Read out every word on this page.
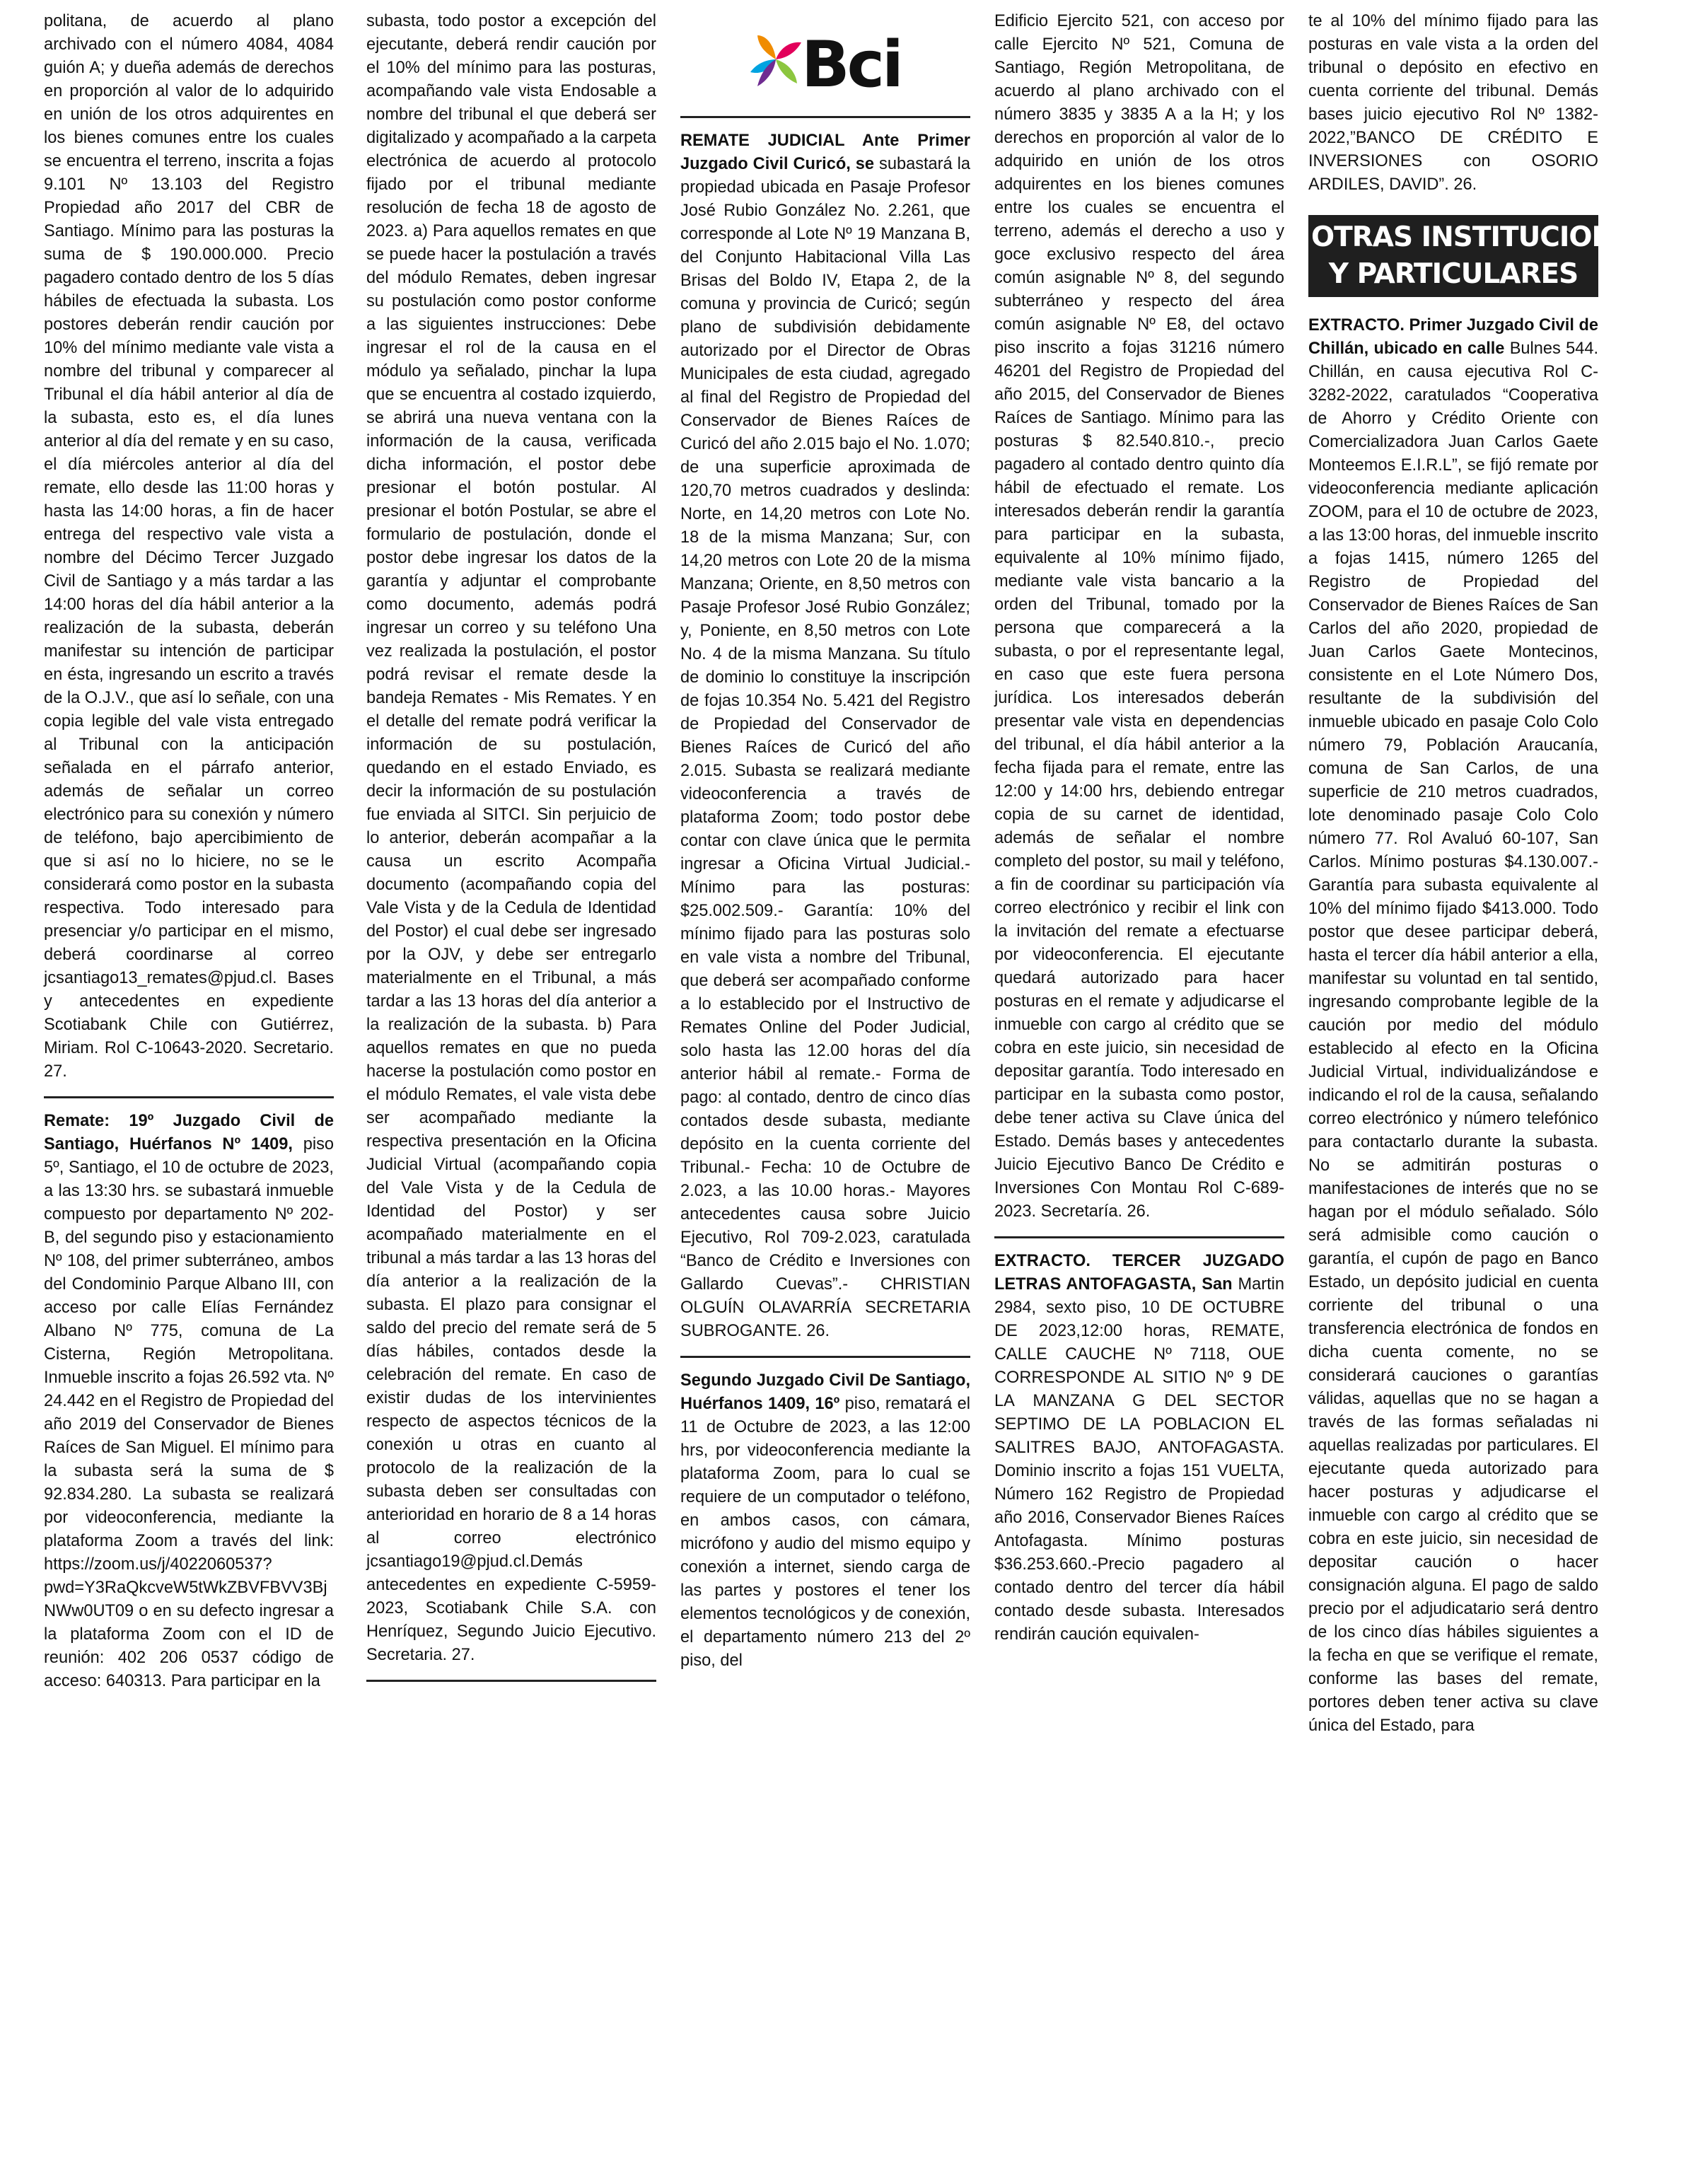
politana, de acuerdo al plano archivado con el número 4084, 4084 guión A; y dueña además de derechos en proporción al valor de lo adquirido en unión de los otros adquirentes en los bienes comunes entre los cuales se encuentra el terreno, inscrita a fojas 9.101 Nº 13.103 del Registro Propiedad año 2017 del CBR de Santiago. Mínimo para las posturas la suma de $ 190.000.000. Precio pagadero contado dentro de los 5 días hábiles de efectuada la subasta. Los postores deberán rendir caución por 10% del mínimo mediante vale vista a nombre del tribunal y comparecer al Tribunal el día hábil anterior al día de la subasta, esto es, el día lunes anterior al día del remate y en su caso, el día miércoles anterior al día del remate, ello desde las 11:00 horas y hasta las 14:00 horas, a fin de hacer entrega del respectivo vale vista a nombre del Décimo Tercer Juzgado Civil de Santiago y a más tardar a las 14:00 horas del día hábil anterior a la realización de la subasta, deberán manifestar su intención de participar en ésta, ingresando un escrito a través de la O.J.V., que así lo señale, con una copia legible del vale vista entregado al Tribunal con la anticipación señalada en el párrafo anterior, además de señalar un correo electrónico para su conexión y número de teléfono, bajo apercibimiento de que si así no lo hiciere, no se le considerará como postor en la subasta respectiva. Todo interesado para presenciar y/o participar en el mismo, deberá coordinarse al correo jcsantiago13_remates@pjud.cl. Bases y antecedentes en expediente Scotiabank Chile con Gutiérrez, Miriam. Rol C-10643-2020. Secretario. 27.

Remate: 19º Juzgado Civil de Santiago, Huérfanos Nº 1409, piso 5º, Santiago, el 10 de octubre de 2023, a las 13:30 hrs. se subastará inmueble compuesto por departamento Nº 202-B, del segundo piso y estacionamiento Nº 108, del primer subterráneo, ambos del Condominio Parque Albano III, con acceso por calle Elías Fernández Albano Nº 775, comuna de La Cisterna, Región Metropolitana. Inmueble inscrito a fojas 26.592 vta. Nº 24.442 en el Registro de Propiedad del año 2019 del Conservador de Bienes Raíces de San Miguel. El mínimo para la subasta será la suma de $ 92.834.280. La subasta se realizará por videoconferencia, mediante la plataforma Zoom a través del link: https://zoom.us/j/4022060537?pwd=Y3RaQkcveW5tWkZBVFBVV3BjNWw0UT09 o en su defecto ingresar a la plataforma Zoom con el ID de reunión: 402 206 0537 código de acceso: 640313. Para participar en la

subasta, todo postor a excepción del ejecutante, deberá rendir caución por el 10% del mínimo para las posturas, acompañando vale vista Endosable a nombre del tribunal el que deberá ser digitalizado y acompañado a la carpeta electrónica de acuerdo al protocolo fijado por el tribunal mediante resolución de fecha 18 de agosto de 2023. a) Para aquellos remates en que se puede hacer la postulación a través del módulo Remates, deben ingresar su postulación como postor conforme a las siguientes instrucciones: Debe ingresar el rol de la causa en el módulo ya señalado, pinchar la lupa que se encuentra al costado izquierdo, se abrirá una nueva ventana con la información de la causa, verificada dicha información, el postor debe presionar el botón postular. Al presionar el botón Postular, se abre el formulario de postulación, donde el postor debe ingresar los datos de la garantía y adjuntar el comprobante como documento, además podrá ingresar un correo y su teléfono Una vez realizada la postulación, el postor podrá revisar el remate desde la bandeja Remates - Mis Remates. Y en el detalle del remate podrá verificar la información de su postulación, quedando en el estado Enviado, es decir la información de su postulación fue enviada al SITCI. Sin perjuicio de lo anterior, deberán acompañar a la causa un escrito Acompaña documento (acompañando copia del Vale Vista y de la Cedula de Identidad del Postor) el cual debe ser ingresado por la OJV, y debe ser entregarlo materialmente en el Tribunal, a más tardar a las 13 horas del día anterior a la realización de la subasta. b) Para aquellos remates en que no pueda hacerse la postulación como postor en el módulo Remates, el vale vista debe ser acompañado mediante la respectiva presentación en la Oficina Judicial Virtual (acompañando copia del Vale Vista y de la Cedula de Identidad del Postor) y ser acompañado materialmente en el tribunal a más tardar a las 13 horas del día anterior a la realización de la subasta. El plazo para consignar el saldo del precio del remate será de 5 días hábiles, contados desde la celebración del remate. En caso de existir dudas de los intervinientes respecto de aspectos técnicos de la conexión u otras en cuanto al protocolo de la realización de la subasta deben ser consultadas con anterioridad en horario de 8 a 14 horas al correo electrónico jcsantiago19@pjud.cl.Demás antecedentes en expediente C-5959-2023, Scotiabank Chile S.A. con Henríquez, Segundo Juicio Ejecutivo. Secretaria. 27.

Bci

REMATE JUDICIAL Ante Primer Juzgado Civil Curicó, se subastará la propiedad ubicada en Pasaje Profesor José Rubio González No. 2.261, que corresponde al Lote Nº 19 Manzana B, del Conjunto Habitacional Villa Las Brisas del Boldo IV, Etapa 2, de la comuna y provincia de Curicó; según plano de subdivisión debidamente autorizado por el Director de Obras Municipales de esta ciudad, agregado al final del Registro de Propiedad del Conservador de Bienes Raíces de Curicó del año 2.015 bajo el No. 1.070; de una superficie aproximada de 120,70 metros cuadrados y deslinda: Norte, en 14,20 metros con Lote No. 18 de la misma Manzana; Sur, con 14,20 metros con Lote 20 de la misma Manzana; Oriente, en 8,50 metros con Pasaje Profesor José Rubio González; y, Poniente, en 8,50 metros con Lote No. 4 de la misma Manzana. Su título de dominio lo constituye la inscripción de fojas 10.354 No. 5.421 del Registro de Propiedad del Conservador de Bienes Raíces de Curicó del año 2.015. Subasta se realizará mediante videoconferencia a través de plataforma Zoom; todo postor debe contar con clave única que le permita ingresar a Oficina Virtual Judicial.- Mínimo para las posturas: $25.002.509.- Garantía: 10% del mínimo fijado para las posturas solo en vale vista a nombre del Tribunal, que deberá ser acompañado conforme a lo establecido por el Instructivo de Remates Online del Poder Judicial, solo hasta las 12.00 horas del día anterior hábil al remate.- Forma de pago: al contado, dentro de cinco días contados desde subasta, mediante depósito en la cuenta corriente del Tribunal.- Fecha: 10 de Octubre de 2.023, a las 10.00 horas.- Mayores antecedentes causa sobre Juicio Ejecutivo, Rol 709-2.023, caratulada “Banco de Crédito e Inversiones con Gallardo Cuevas”.- CHRISTIAN OLGUÍN OLAVARRÍA SECRETARIA SUBROGANTE. 26.

Segundo Juzgado Civil De Santiago, Huérfanos 1409, 16º piso, rematará el 11 de Octubre de 2023, a las 12:00 hrs, por videoconferencia mediante la plataforma Zoom, para lo cual se requiere de un computador o teléfono, en ambos casos, con cámara, micrófono y audio del mismo equipo y conexión a internet, siendo carga de las partes y postores el tener los elementos tecnológicos y de conexión, el departamento número 213 del 2º piso, del

Edificio Ejercito 521, con acceso por calle Ejercito Nº 521, Comuna de Santiago, Región Metropolitana, de acuerdo al plano archivado con el número 3835 y 3835 A a la H; y los derechos en proporción al valor de lo adquirido en unión de los otros adquirentes en los bienes comunes entre los cuales se encuentra el terreno, además el derecho a uso y goce exclusivo respecto del área común asignable Nº 8, del segundo subterráneo y respecto del área común asignable Nº E8, del octavo piso inscrito a fojas 31216 número 46201 del Registro de Propiedad del año 2015, del Conservador de Bienes Raíces de Santiago. Mínimo para las posturas $ 82.540.810.-, precio pagadero al contado dentro quinto día hábil de efectuado el remate. Los interesados deberán rendir la garantía para participar en la subasta, equivalente al 10% mínimo fijado, mediante vale vista bancario a la orden del Tribunal, tomado por la persona que comparecerá a la subasta, o por el representante legal, en caso que este fuera persona jurídica. Los interesados deberán presentar vale vista en dependencias del tribunal, el día hábil anterior a la fecha fijada para el remate, entre las 12:00 y 14:00 hrs, debiendo entregar copia de su carnet de identidad, además de señalar el nombre completo del postor, su mail y teléfono, a fin de coordinar su participación vía correo electrónico y recibir el link con la invitación del remate a efectuarse por videoconferencia. El ejecutante quedará autorizado para hacer posturas en el remate y adjudicarse el inmueble con cargo al crédito que se cobra en este juicio, sin necesidad de depositar garantía. Todo interesado en participar en la subasta como postor, debe tener activa su Clave única del Estado. Demás bases y antecedentes Juicio Ejecutivo Banco De Crédito e Inversiones Con Montau Rol C-689-2023. Secretaría. 26.

EXTRACTO. TERCER JUZGADO LETRAS ANTOFAGASTA, San Martin 2984, sexto piso, 10 DE OCTUBRE DE 2023,12:00 horas, REMATE, CALLE CAUCHE Nº 7118, OUE CORRESPONDE AL SITIO Nº 9 DE LA MANZANA G DEL SECTOR SEPTIMO DE LA POBLACION EL SALITRES BAJO, ANTOFAGASTA. Dominio inscrito a fojas 151 VUELTA, Número 162 Registro de Propiedad año 2016, Conservador Bienes Raíces Antofagasta. Mínimo posturas $36.253.660.-Precio pagadero al contado dentro del tercer día hábil contado desde subasta. Interesados rendirán caución equivalen-

te al 10% del mínimo fijado para las posturas en vale vista a la orden del tribunal o depósito en efectivo en cuenta corriente del tribunal. Demás bases juicio ejecutivo Rol Nº 1382-2022,”BANCO DE CRÉDITO E INVERSIONES con OSORIO ARDILES, DAVID”. 26.

OTRAS INSTITUCIONES
Y PARTICULARES

EXTRACTO. Primer Juzgado Civil de Chillán, ubicado en calle Bulnes 544. Chillán, en causa ejecutiva Rol C-3282-2022, caratulados “Cooperativa de Ahorro y Crédito Oriente con Comercializadora Juan Carlos Gaete Monteemos E.I.R.L”, se fijó remate por videoconferencia mediante aplicación ZOOM, para el 10 de octubre de 2023, a las 13:00 horas, del inmueble inscrito a fojas 1415, número 1265 del Registro de Propiedad del Conservador de Bienes Raíces de San Carlos del año 2020, propiedad de Juan Carlos Gaete Montecinos, consistente en el Lote Número Dos, resultante de la subdivisión del inmueble ubicado en pasaje Colo Colo número 79, Población Araucanía, comuna de San Carlos, de una superficie de 210 metros cuadrados, lote denominado pasaje Colo Colo número 77. Rol Avaluó 60-107, San Carlos. Mínimo posturas $4.130.007.- Garantía para subasta equivalente al 10% del mínimo fijado $413.000. Todo postor que desee participar deberá, hasta el tercer día hábil anterior a ella, manifestar su voluntad en tal sentido, ingresando comprobante legible de la caución por medio del módulo establecido al efecto en la Oficina Judicial Virtual, individualizándose e indicando el rol de la causa, señalando correo electrónico y número telefónico para contactarlo durante la subasta. No se admitirán posturas o manifestaciones de interés que no se hagan por el módulo señalado. Sólo será admisible como caución o garantía, el cupón de pago en Banco Estado, un depósito judicial en cuenta corriente del tribunal o una transferencia electrónica de fondos en dicha cuenta comente, no se considerará cauciones o garantías válidas, aquellas que no se hagan a través de las formas señaladas ni aquellas realizadas por particulares. El ejecutante queda autorizado para hacer posturas y adjudicarse el inmueble con cargo al crédito que se cobra en este juicio, sin necesidad de depositar caución o hacer consignación alguna. El pago de saldo precio por el adjudicatario será dentro de los cinco días hábiles siguientes a la fecha en que se verifique el remate, conforme las bases del remate, portores deben tener activa su clave única del Estado, para
